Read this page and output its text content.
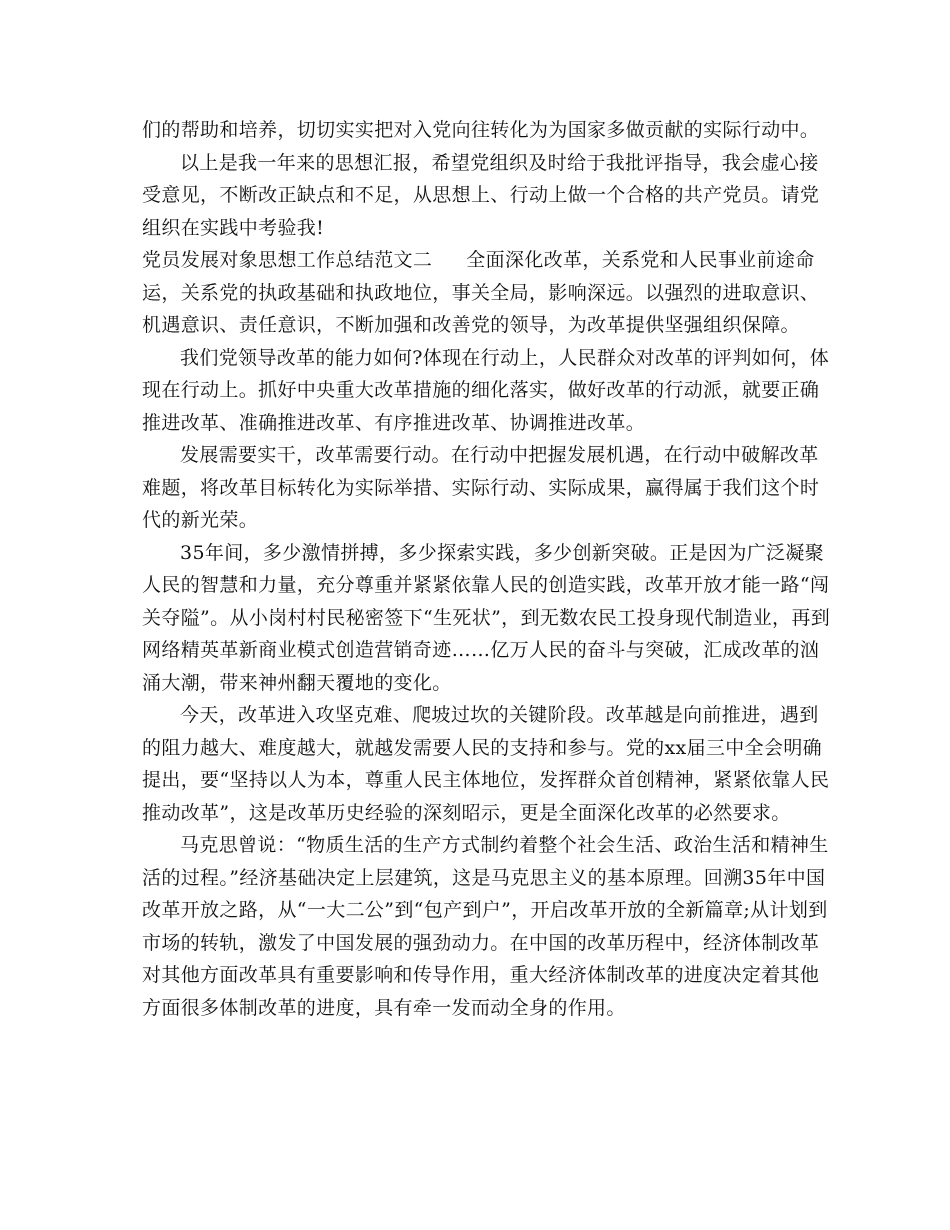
们的帮助和培养，切切实实把对入党向往转化为为国家多做贡献的实际行动中。

以上是我一年来的思想汇报，希望党组织及时给于我批评指导，我会虚心接受意见，不断改正缺点和不足，从思想上、行动上做一个合格的共产党员。请党组织在实践中考验我!

党员发展对象思想工作总结范文二 全面深化改革，关系党和人民事业前途命运，关系党的执政基础和执政地位，事关全局，影响深远。以强烈的进取意识、机遇意识、责任意识，不断加强和改善党的领导，为改革提供坚强组织保障。

我们党领导改革的能力如何?体现在行动上，人民群众对改革的评判如何，体现在行动上。抓好中央重大改革措施的细化落实，做好改革的行动派，就要正确推进改革、准确推进改革、有序推进改革、协调推进改革。

发展需要实干，改革需要行动。在行动中把握发展机遇，在行动中破解改革难题，将改革目标转化为实际举措、实际行动、实际成果，赢得属于我们这个时代的新光荣。

35年间，多少激情拼搏，多少探索实践，多少创新突破。正是因为广泛凝聚人民的智慧和力量，充分尊重并紧紧依靠人民的创造实践，改革开放才能一路“闯关夺隘”。从小岗村村民秘密签下“生死状”，到无数农民工投身现代制造业，再到网络精英革新商业模式创造营销奇迹……亿万人民的奋斗与突破，汇成改革的汹涌大潮，带来神州翻天覆地的变化。

今天，改革进入攻坚克难、爬坡过坎的关键阶段。改革越是向前推进，遇到的阻力越大、难度越大，就越发需要人民的支持和参与。党的xx届三中全会明确提出，要“坚持以人为本，尊重人民主体地位，发挥群众首创精神，紧紧依靠人民推动改革”，这是改革历史经验的深刻昭示，更是全面深化改革的必然要求。

马克思曾说：“物质生活的生产方式制约着整个社会生活、政治生活和精神生活的过程。”经济基础决定上层建筑，这是马克思主义的基本原理。回溯35年中国改革开放之路，从“一大二公”到“包产到户”，开启改革开放的全新篇章;从计划到市场的转轨，激发了中国发展的强劲动力。在中国的改革历程中，经济体制改革对其他方面改革具有重要影响和传导作用，重大经济体制改革的进度决定着其他方面很多体制改革的进度，具有牵一发而动全身的作用。
